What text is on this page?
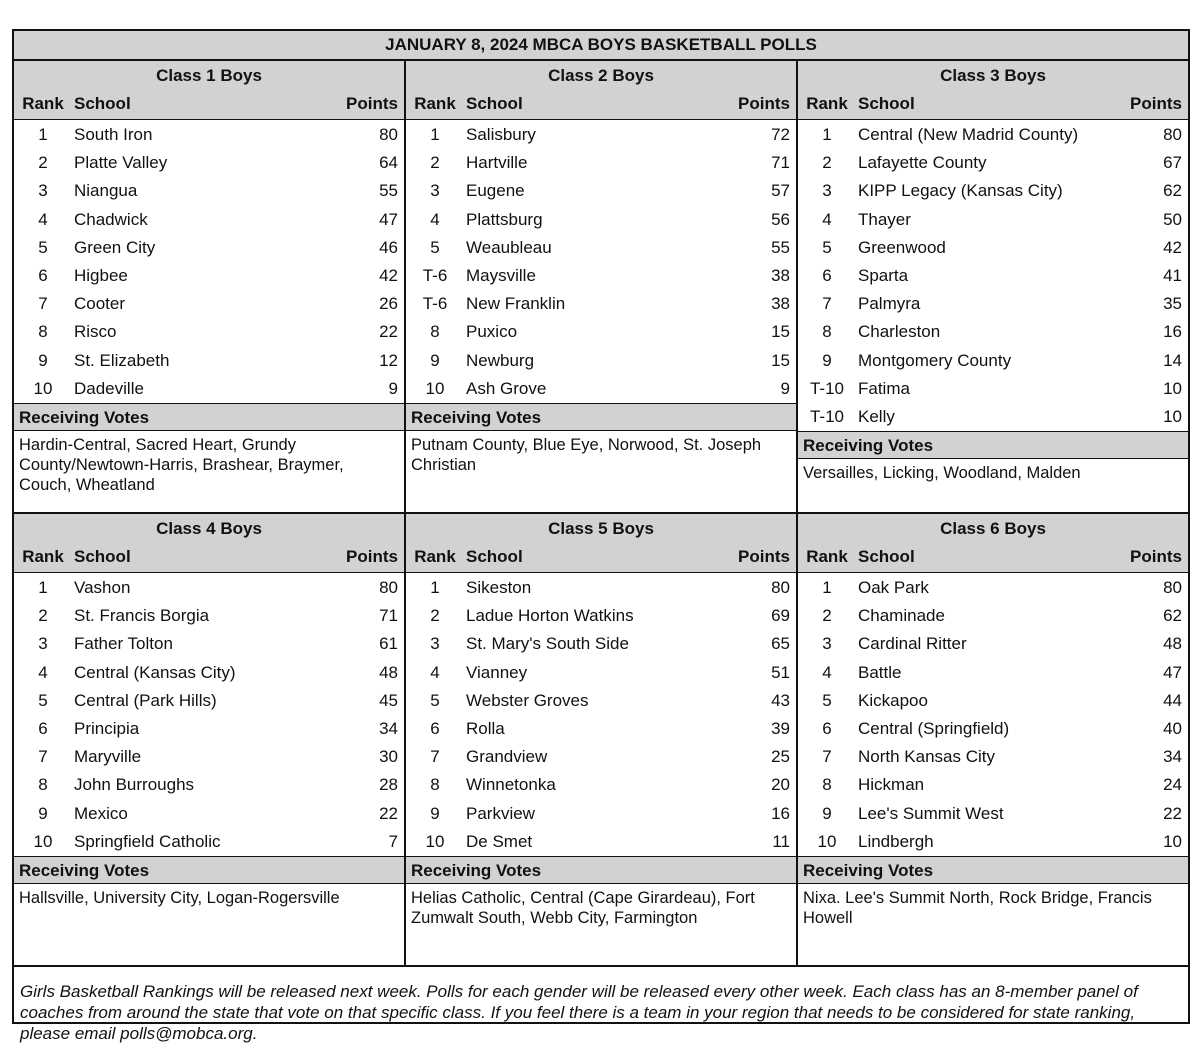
JANUARY 8, 2024 MBCA BOYS BASKETBALL POLLS
Class 1 Boys
Rank School	Points
1	South Iron	80
2	Platte Valley	64
3	Niangua	55
4	Chadwick	47
5	Green City	46
6	Higbee	42
7	Cooter	26
8	Risco	22
9	St. Elizabeth	12
10	Dadeville	9
Receiving Votes
Hardin-Central, Sacred Heart, Grundy County/Newtown-Harris, Brashear, Braymer, Couch, Wheatland
Class 2 Boys
Rank School	Points
1	Salisbury	72
2	Hartville	71
3	Eugene	57
4	Plattsburg	56
5	Weaubleau	55
T-6	Maysville	38
T-6	New Franklin	38
8	Puxico	15
9	Newburg	15
10	Ash Grove	9
Receiving Votes
Putnam County, Blue Eye, Norwood, St. Joseph Christian
Class 3 Boys
Rank School	Points
1	Central (New Madrid County)	80
2	Lafayette County	67
3	KIPP Legacy (Kansas City)	62
4	Thayer	50
5	Greenwood	42
6	Sparta	41
7	Palmyra	35
8	Charleston	16
9	Montgomery County	14
T-10 Fatima	10
T-10 Kelly	10
Receiving Votes
Versailles, Licking, Woodland, Malden
Class 4 Boys
Rank School	Points
1	Vashon	80
2	St. Francis Borgia	71
3	Father Tolton	61
4	Central (Kansas City)	48
5	Central (Park Hills)	45
6	Principia	34
7	Maryville	30
8	John Burroughs	28
9	Mexico	22
10	Springfield Catholic	7
Receiving Votes
Hallsville, University City, Logan-Rogersville
Class 5 Boys
Rank School	Points
1	Sikeston	80
2	Ladue Horton Watkins	69
3	St. Mary's South Side	65
4	Vianney	51
5	Webster Groves	43
6	Rolla	39
7	Grandview	25
8	Winnetonka	20
9	Parkview	16
10	De Smet	11
Receiving Votes
Helias Catholic, Central (Cape Girardeau), Fort Zumwalt South, Webb City, Farmington
Class 6 Boys
Rank School	Points
1	Oak Park	80
2	Chaminade	62
3	Cardinal Ritter	48
4	Battle	47
5	Kickapoo	44
6	Central (Springfield)	40
7	North Kansas City	34
8	Hickman	24
9	Lee's Summit West	22
10	Lindbergh	10
Receiving Votes
Nixa. Lee's Summit North, Rock Bridge, Francis Howell
Girls Basketball Rankings will be released next week. Polls for each gender will be released every other week. Each class has an 8-member panel of coaches from around the state that vote on that specific class. If you feel there is a team in your region that needs to be considered for state ranking, please email polls@mobca.org.
